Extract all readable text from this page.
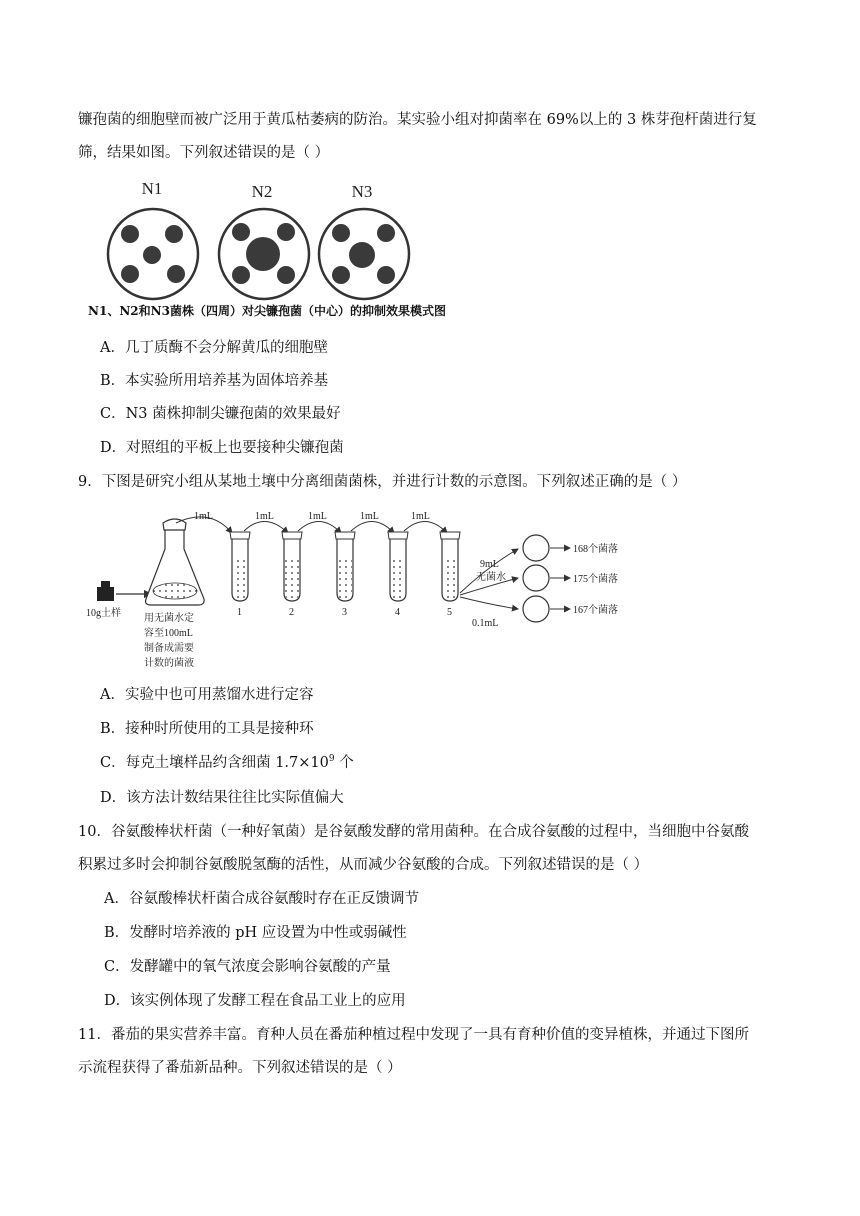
镰孢菌的细胞壁而被广泛用于黄瓜枯萎病的防治。某实验小组对抑菌率在 69%以上的 3 株芽孢杆菌进行复
筛，结果如图。下列叙述错误的是（ ）
N1	N2	N3
N1、N2和N3菌株（四周）对尖镰孢菌（中心）的抑制效果模式图
A．几丁质酶不会分解黄瓜的细胞壁
B．本实验所用培养基为固体培养基
C．N3 菌株抑制尖镰孢菌的效果最好
D．对照组的平板上也要接种尖镰孢菌
9．下图是研究小组从某地土壤中分离细菌菌株，并进行计数的示意图。下列叙述正确的是（ ）
10g土样 用无菌水定
容至100mL
制备成需要
计数的菌液
1mL	1mL	1mL	1mL	1mL
1	2	3	4	5
9mL
无菌水
0.1mL
168个菌落
175个菌落
167个菌落
A．实验中也可用蒸馏水进行定容
B．接种时所使用的工具是接种环
C．每克土壤样品约含细菌 $1.7\times 10^9$ 个
D．该方法计数结果往往比实际值偏大
10．谷氨酸棒状杆菌（一种好氧菌）是谷氨酸发酵的常用菌种。在合成谷氨酸的过程中，当细胞中谷氨酸
积累过多时会抑制谷氨酸脱氢酶的活性，从而减少谷氨酸的合成。下列叙述错误的是（ ）
A．谷氨酸棒状杆菌合成谷氨酸时存在正反馈调节
B．发酵时培养液的 pH 应设置为中性或弱碱性
C．发酵罐中的氧气浓度会影响谷氨酸的产量
D．该实例体现了发酵工程在食品工业上的应用
11．番茄的果实营养丰富。育种人员在番茄种植过程中发现了一具有育种价值的变异植株，并通过下图所
示流程获得了番茄新品种。下列叙述错误的是（ ）
